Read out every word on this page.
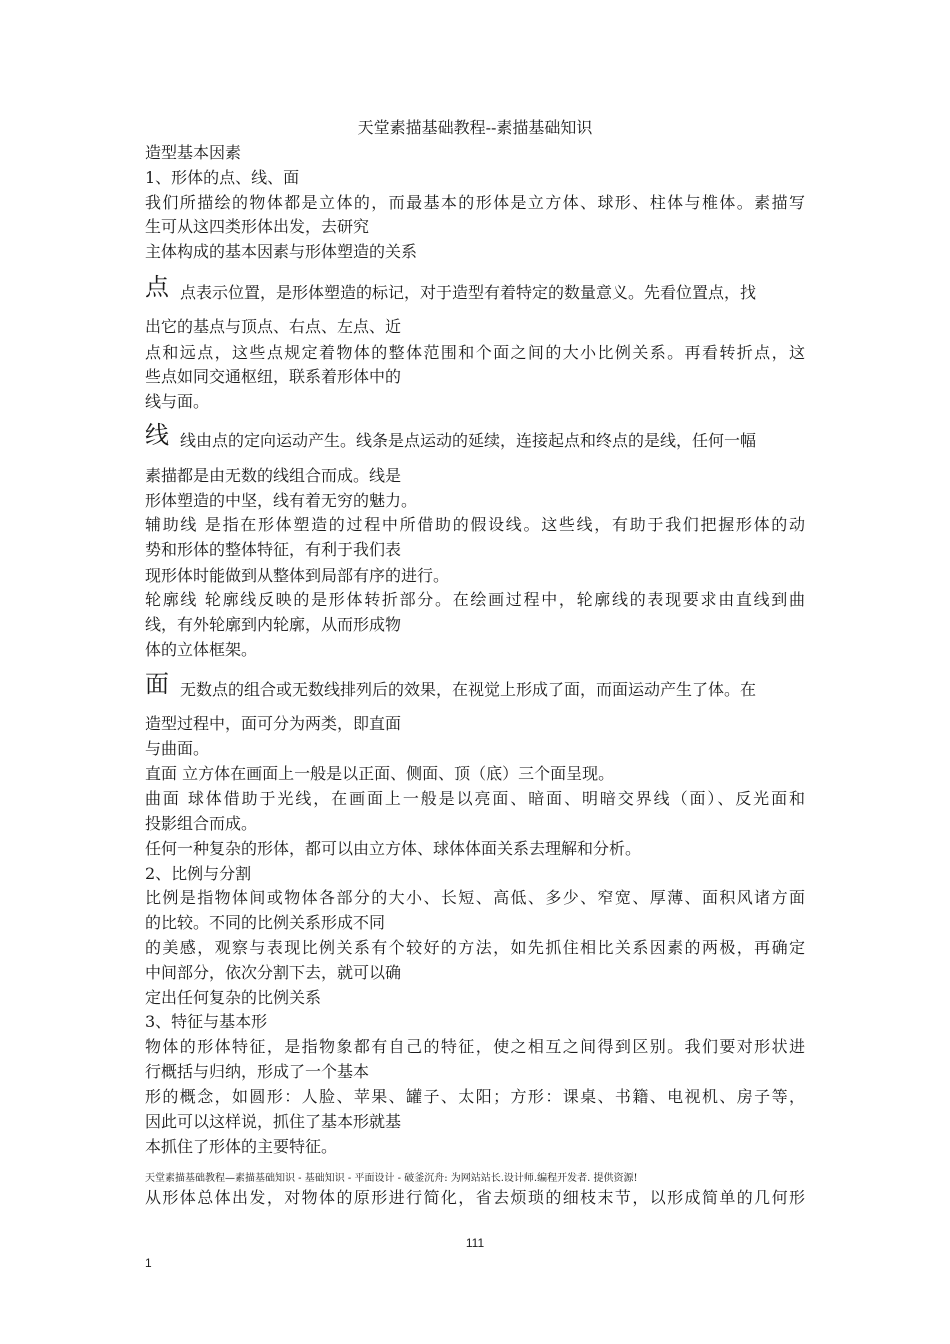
天堂素描基础教程--素描基础知识
造型基本因素
1、形体的点、线、面
我们所描绘的物体都是立体的，而最基本的形体是立方体、球形、柱体与椎体。素描写
生可从这四类形体出发，去研究
主体构成的基本因素与形体塑造的关系
点 点表示位置，是形体塑造的标记，对于造型有着特定的数量意义。先看位置点，找
出它的基点与顶点、右点、左点、近
点和远点，这些点规定着物体的整体范围和个面之间的大小比例关系。再看转折点，这
些点如同交通枢纽，联系着形体中的
线与面。
线 线由点的定向运动产生。线条是点运动的延续，连接起点和终点的是线，任何一幅
素描都是由无数的线组合而成。线是
形体塑造的中坚，线有着无穷的魅力。
辅助线 是指在形体塑造的过程中所借助的假设线。这些线，有助于我们把握形体的动
势和形体的整体特征，有利于我们表
现形体时能做到从整体到局部有序的进行。
轮廓线 轮廓线反映的是形体转折部分。在绘画过程中，轮廓线的表现要求由直线到曲
线，有外轮廓到内轮廓，从而形成物
体的立体框架。
面 无数点的组合或无数线排列后的效果，在视觉上形成了面，而面运动产生了体。在
造型过程中，面可分为两类，即直面
与曲面。
直面 立方体在画面上一般是以正面、侧面、顶（底）三个面呈现。
曲面 球体借助于光线，在画面上一般是以亮面、暗面、明暗交界线（面）、反光面和
投影组合而成。
任何一种复杂的形体，都可以由立方体、球体体面关系去理解和分析。
2、比例与分割
比例是指物体间或物体各部分的大小、长短、高低、多少、窄宽、厚薄、面积风诸方面
的比较。不同的比例关系形成不同
的美感，观察与表现比例关系有个较好的方法，如先抓住相比关系因素的两极，再确定
中间部分，依次分割下去，就可以确
定出任何复杂的比例关系
3、特征与基本形
物体的形体特征，是指物象都有自己的特征，使之相互之间得到区别。我们要对形状进
行概括与归纳，形成了一个基本
形的概念，如圆形：人脸、苹果、罐子、太阳；方形：课桌、书籍、电视机、房子等，
因此可以这样说，抓住了基本形就基
本抓住了形体的主要特征。
天堂素描基础教程—素描基础知识 - 基础知识 - 平面设计 - 破釜沉舟: 为网站站长.设计师.编程开发者. 提供资源!
从形体总体出发，对物体的原形进行简化，省去烦琐的细枝末节，以形成简单的几何形
111
1
